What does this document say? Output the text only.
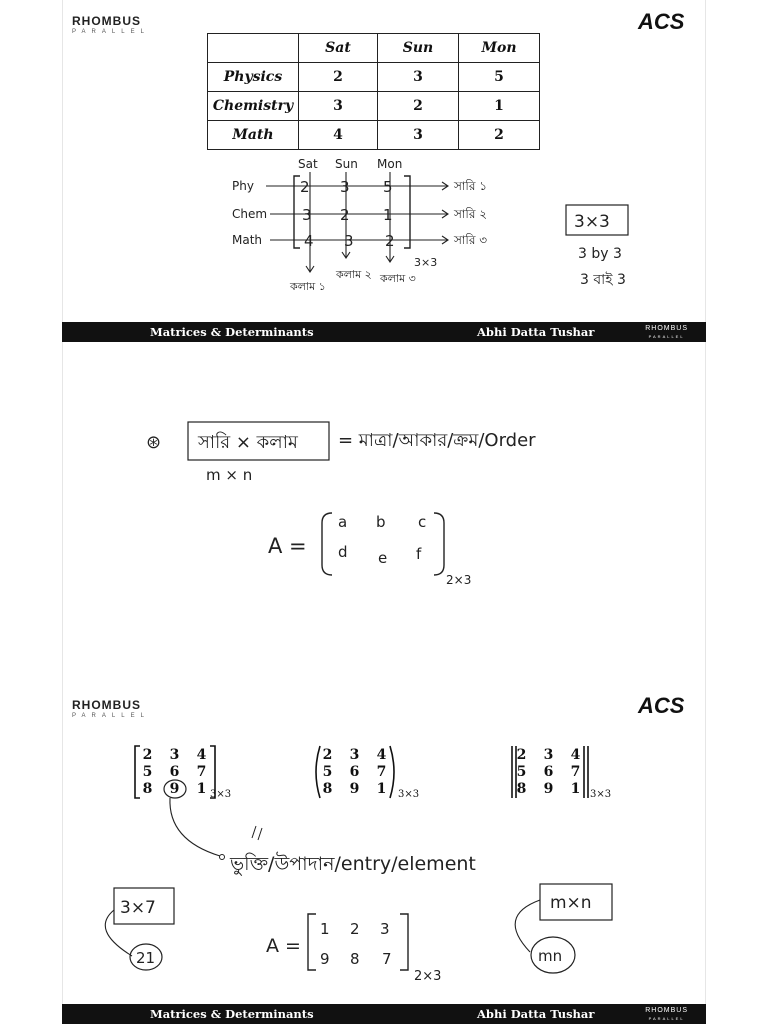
RHOMBUS
PARALLEL	ACS
	Sat	Sun	Mon
Physics	2	3	5
Chemistry	3	2	1
Math	4	3	2
Sat Sun Mon
Phy
Chem
Math
2 3 5
3 2 1
4 3 2
সারি ১
সারি ২
সারি ৩
কলাম ১
কলাম ২ কলাম ৩
3×3
3×3
3 by 3
3 বাই 3
Matrices & Determinants	Abhi Datta Tushar	RHOMBUS
PARALLEL
⊛ সারি × কলাম = মাত্রা/আকার/ক্রম/Order
m × n
A =
a b c
d e f
2×3
RHOMBUS
PARALLEL	ACS
2	3	4
5	6	7
8	9	1 3×3
2	3	4
5	6	7
8	9	1	3×3
2	3	4
5	6	7
8	9	1 3×3
ভুক্তি/উপাদান/entry/element
3×7
21
A =
1 2 3
9 8 7
2×3
m×n
mn
Matrices & Determinants	Abhi Datta Tushar	RHOMBUS
PARALLEL
